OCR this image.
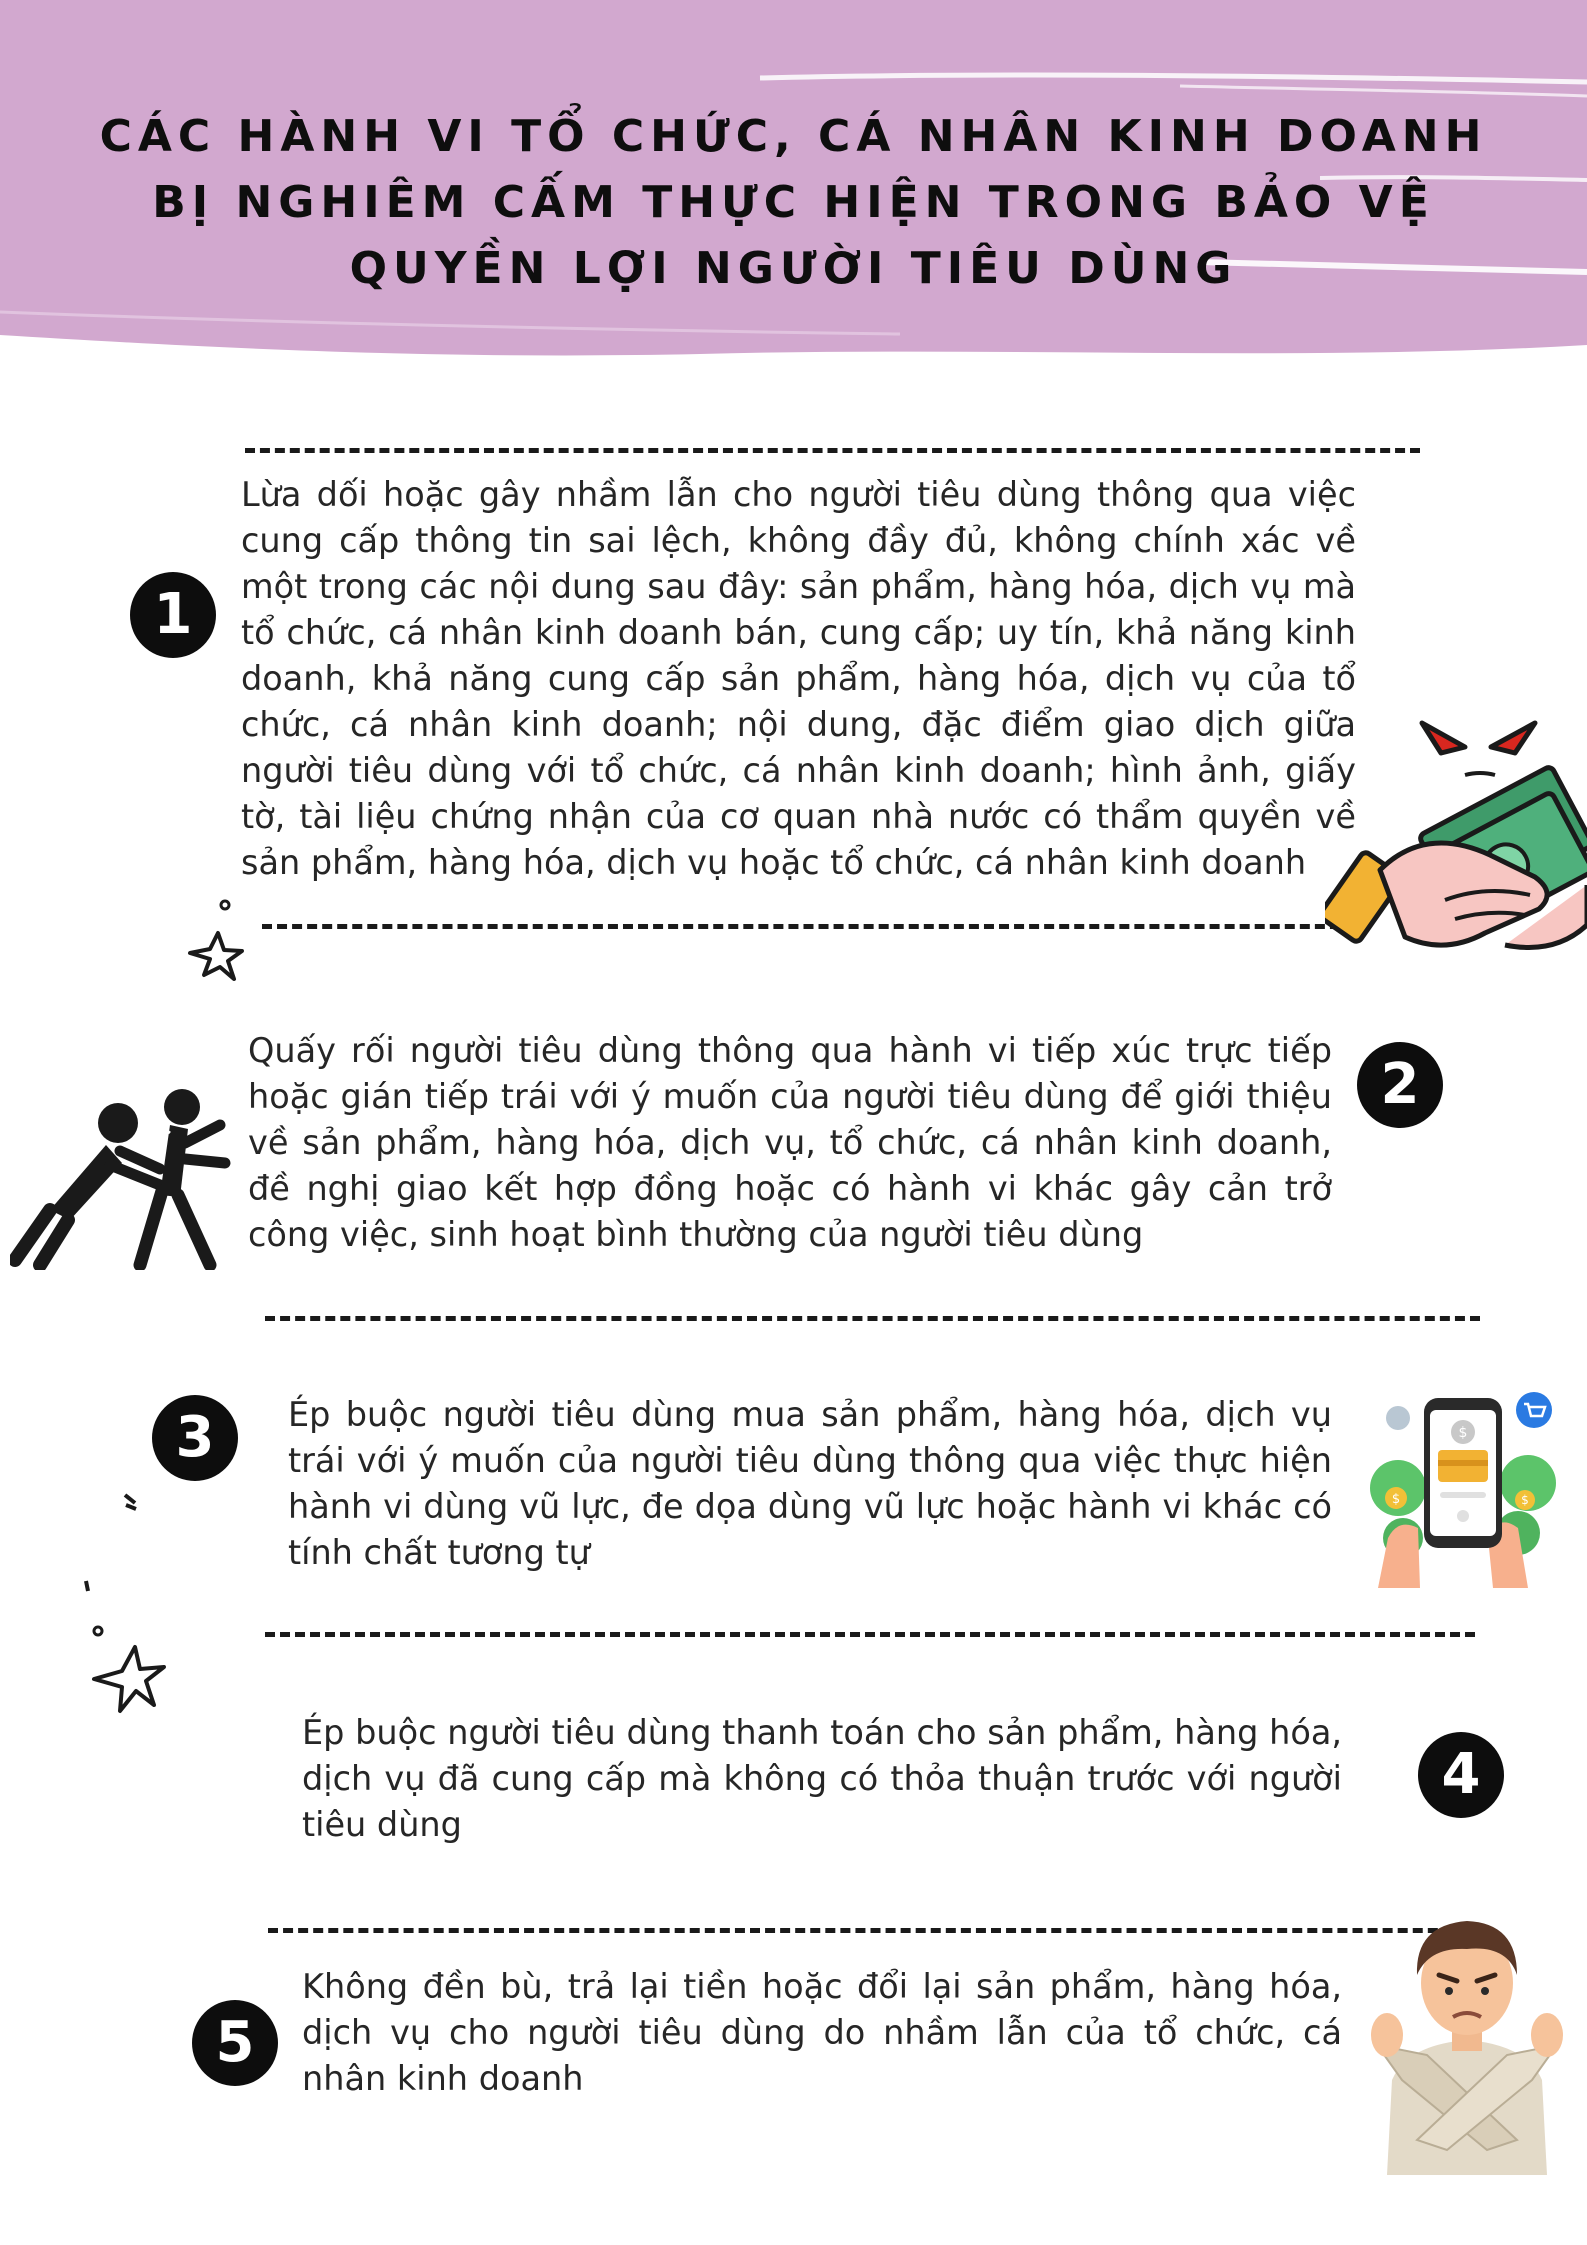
CÁC HÀNH VI TỔ CHỨC, CÁ NHÂN KINH DOANH BỊ NGHIÊM CẤM THỰC HIỆN TRONG BẢO VỆ QUYỀN LỢI NGƯỜI TIÊU DÙNG
1

Lừa dối hoặc gây nhầm lẫn cho người tiêu dùng thông qua việc cung cấp thông tin sai lệch, không đầy đủ, không chính xác về một trong các nội dung sau đây: sản phẩm, hàng hóa, dịch vụ mà tổ chức, cá nhân kinh doanh bán, cung cấp; uy tín, khả năng kinh doanh, khả năng cung cấp sản phẩm, hàng hóa, dịch vụ của tổ chức, cá nhân kinh doanh; nội dung, đặc điểm giao dịch giữa người tiêu dùng với tổ chức, cá nhân kinh doanh; hình ảnh, giấy tờ, tài liệu chứng nhận của cơ quan nhà nước có thẩm quyền về sản phẩm, hàng hóa, dịch vụ hoặc tổ chức, cá nhân kinh doanh

2

Quấy rối người tiêu dùng thông qua hành vi tiếp xúc trực tiếp hoặc gián tiếp trái với ý muốn của người tiêu dùng để giới thiệu về sản phẩm, hàng hóa, dịch vụ, tổ chức, cá nhân kinh doanh, đề nghị giao kết hợp đồng hoặc có hành vi khác gây cản trở công việc, sinh hoạt bình thường của người tiêu dùng

3	Ép buộc người tiêu dùng mua sản phẩm, hàng hóa, dịch vụ trái với ý muốn của người tiêu dùng thông qua việc thực hiện hành vi dùng vũ lực, đe dọa dùng vũ lực hoặc hành vi khác có tính chất tương tự

4

Ép buộc người tiêu dùng thanh toán cho sản phẩm, hàng hóa, dịch vụ đã cung cấp mà không có thỏa thuận trước với người tiêu dùng

5

Không đền bù, trả lại tiền hoặc đổi lại sản phẩm, hàng hóa, dịch vụ cho người tiêu dùng do nhầm lẫn của tổ chức, cá nhân kinh doanh

$
$	$
